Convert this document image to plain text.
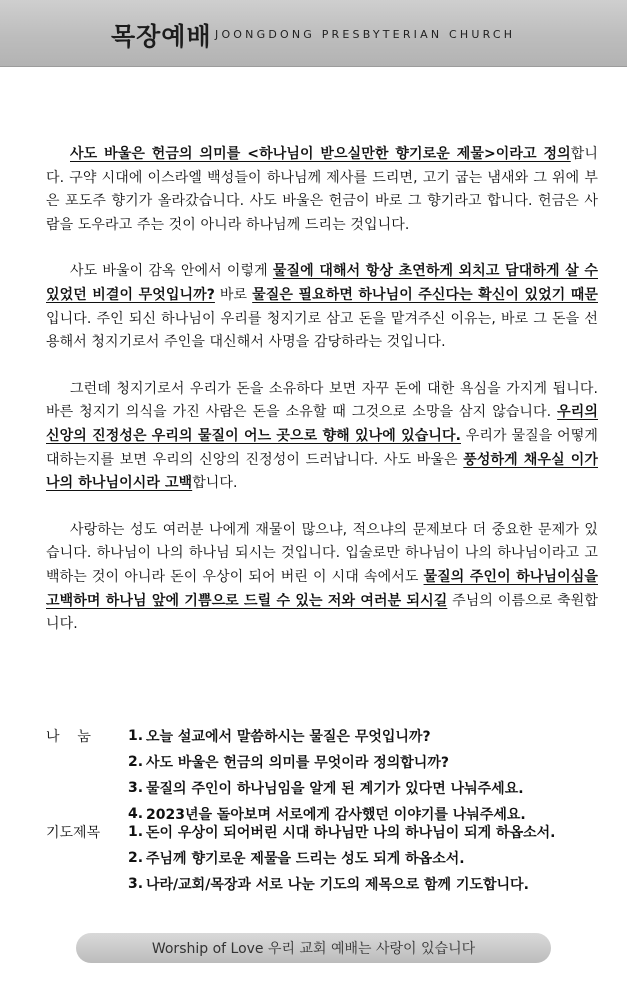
목장예배 JOONGDONG PRESBYTERIAN CHURCH

사도 바울은 헌금의 의미를 <하나님이 받으실만한 향기로운 제물>이라고 정의합니다. 구약 시대에 이스라엘 백성들이 하나님께 제사를 드리면, 고기 굽는 냄새와 그 위에 부은 포도주 향기가 올라갔습니다. 사도 바울은 헌금이 바로 그 향기라고 합니다. 헌금은 사람을 도우라고 주는 것이 아니라 하나님께 드리는 것입니다.

사도 바울이 감옥 안에서 이렇게 물질에 대해서 항상 초연하게 외치고 담대하게 살 수 있었던 비결이 무엇입니까? 바로 물질은 필요하면 하나님이 주신다는 확신이 있었기 때문입니다. 주인 되신 하나님이 우리를 청지기로 삼고 돈을 맡겨주신 이유는, 바로 그 돈을 선용해서 청지기로서 주인을 대신해서 사명을 감당하라는 것입니다.

그런데 청지기로서 우리가 돈을 소유하다 보면 자꾸 돈에 대한 욕심을 가지게 됩니다. 바른 청지기 의식을 가진 사람은 돈을 소유할 때 그것으로 소망을 삼지 않습니다. 우리의 신앙의 진정성은 우리의 물질이 어느 곳으로 향해 있나에 있습니다. 우리가 물질을 어떻게 대하는지를 보면 우리의 신앙의 진정성이 드러납니다. 사도 바울은 풍성하게 채우실 이가 나의 하나님이시라 고백합니다.

사랑하는 성도 여러분 나에게 재물이 많으냐, 적으냐의 문제보다 더 중요한 문제가 있습니다. 하나님이 나의 하나님 되시는 것입니다. 입술로만 하나님이 나의 하나님이라고 고백하는 것이 아니라 돈이 우상이 되어 버린 이 시대 속에서도 물질의 주인이 하나님이심을 고백하며 하나님 앞에 기쁨으로 드릴 수 있는 저와 여러분 되시길 주님의 이름으로 축원합니다.

나    눔	1. 오늘 설교에서 말씀하시는 물질은 무엇입니까?
2. 사도 바울은 헌금의 의미를 무엇이라 정의합니까?
3. 물질의 주인이 하나님임을 알게 된 계기가 있다면 나눠주세요.
4. 2023년을 돌아보며 서로에게 감사했던 이야기를 나눠주세요.
기도제목	1. 돈이 우상이 되어버린 시대 하나님만 나의 하나님이 되게 하옵소서.
2. 주님께 향기로운 제물을 드리는 성도 되게 하옵소서.
3. 나라/교회/목장과 서로 나눈 기도의 제목으로 함께 기도합니다.
Worship of Love 우리 교회 예배는 사랑이 있습니다
